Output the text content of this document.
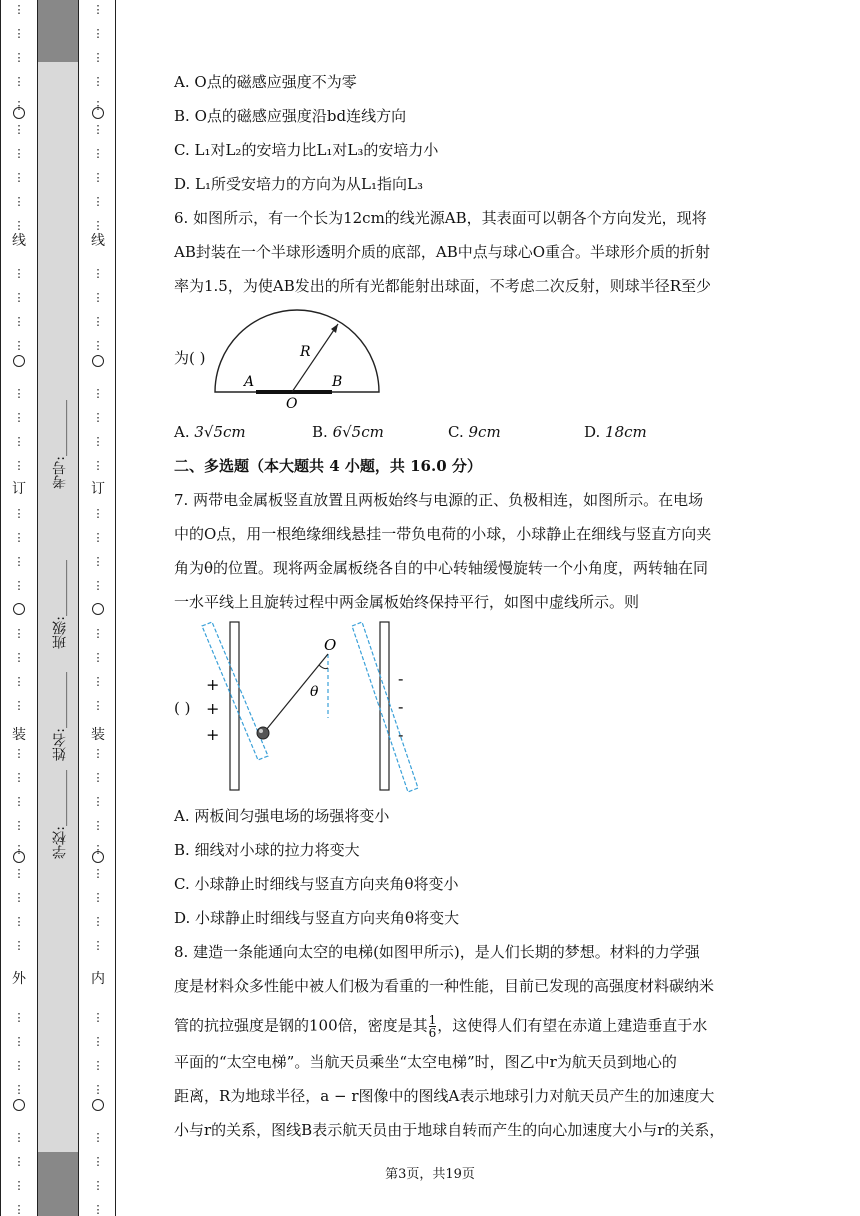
⋮
⋮
⋮
⋮
⋮
⋮
⋮
⋮
⋮
⋮
⋮
⋮
⋮
⋮
⋮
⋮
⋮
⋮
⋮
⋮
⋮
⋮
⋮
⋮
⋮
⋮
⋮
⋮
⋮
⋮
⋮
⋮
⋮
⋮
⋮
⋮
⋮
⋮
⋮
⋮
⋮
⋮
⋮
⋮
⋮
⋮
⋮
⋮
⋮
⋮
⋮
⋮
⋮
⋮
⋮
⋮
⋮
⋮
⋮
⋮
⋮
⋮
⋮
⋮
⋮
⋮
⋮
⋮
⋮
⋮
⋮
⋮
⋮
⋮
⋮
⋮
⋮
⋮
⋮
⋮
⋮
⋮
⋮
⋮
⋮
⋮
线
订
装
外
线
订
装
内
学校:________
姓名:________
班级:________
考号:________
A. O点的磁感应强度不为零
B. O点的磁感应强度沿bd连线方向
C. L₁对L₂的安培力比L₁对L₃的安培力小
D. L₁所受安培力的方向为从L₁指向L₃
6. 如图所示，有一个长为12cm的线光源AB，其表面可以朝各个方向发光，现将
AB封装在一个半球形透明介质的底部，AB中点与球心O重合。半球形介质的折射
率为1.5，为使AB发出的所有光都能射出球面，不考虑二次反射，则球半径R至少
为( )	R
A	B
O
A. 3√5cm	B. 6√5cm	C. 9cm	D. 18cm
二、多选题（本大题共 4 小题，共 16.0 分）
7. 两带电金属板竖直放置且两板始终与电源的正、负极相连，如图所示。在电场
中的O点，用一根绝缘细线悬挂一带负电荷的小球，小球静止在细线与竖直方向夹
角为θ的位置。现将两金属板绕各自的中心转轴缓慢旋转一个小角度，两转轴在同
一水平线上且旋转过程中两金属板始终保持平行，如图中虚线所示。则
( )
+
+
+
-
-
-
O
θ
A. 两板间匀强电场的场强将变小
B. 细线对小球的拉力将变大
C. 小球静止时细线与竖直方向夹角θ将变小
D. 小球静止时细线与竖直方向夹角θ将变大
8. 建造一条能通向太空的电梯(如图甲所示)，是人们长期的梦想。材料的力学强
度是材料众多性能中被人们极为看重的一种性能，目前已发现的高强度材料碳纳米
管的抗拉强度是钢的100倍，密度是其 $\frac{1}{6}$ ，这使得人们有望在赤道上建造垂直于水
平面的“太空电梯”。当航天员乘坐“太空电梯”时，图乙中r为航天员到地心的
距离，R为地球半径，a − r图像中的图线A表示地球引力对航天员产生的加速度大
小与r的关系，图线B表示航天员由于地球自转而产生的向心加速度大小与r的关系，
第3页，共19页
